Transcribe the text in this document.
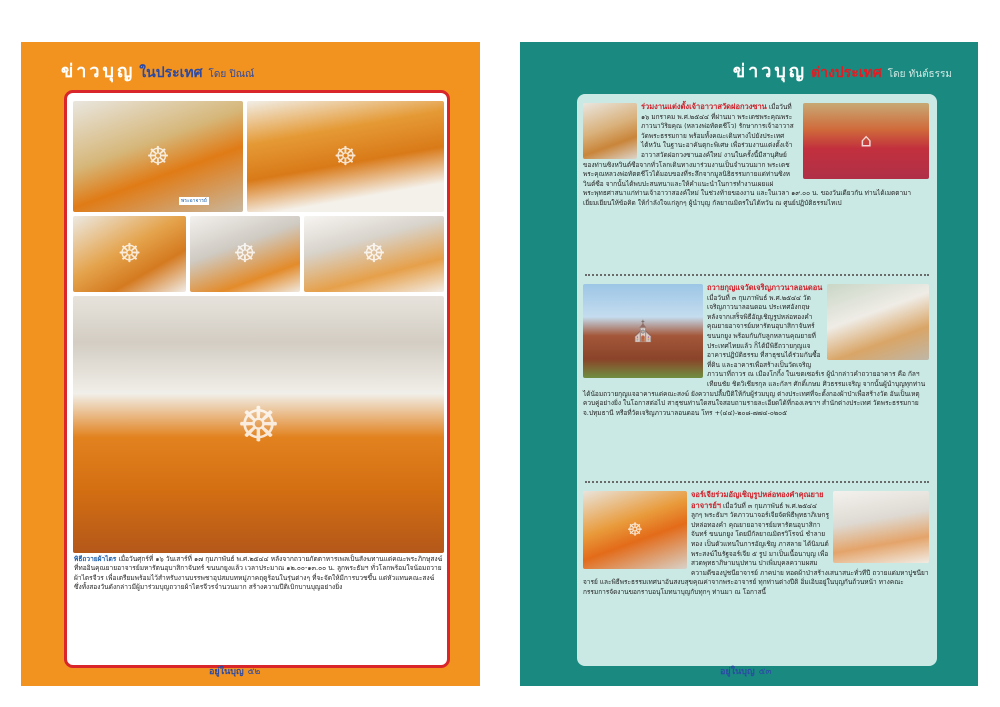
ข่าวบุญ ในประเทศ โดย ปิณณ์
☸	☸
พระอาจารย์
☸	☸	☸
☸
พิธีถวายผ้าไตร เมื่อวันศุกร์ที่ ๑๖ วันเสาร์ที่ ๑๗ กุมภาพันธ์ พ.ศ.๒๕๔๔ หลังจากถวายภัตตาหารเพลเป็นสังฆทานแด่คณะพระภิกษุสงฆ์ที่ทออินคุณยายอาจารย์มหารัตนอุบาสิกาจันทร์ ขนนกยูงแล้ว เวลาประมาณ ๑๒.๐๐-๑๓.๐๐ น. ลูกพระธัมฯ ทั่วโลกพร้อมใจน้อมถวายผ้าไตรจีวร เพื่อเตรียมพร้อมไว้สำหรับงานบรรพชาอุปสมบทหมู่ภาคฤดูร้อนในรุ่นต่างๆ ที่จะจัดให้มีการบวชขึ้น แด่หัวแทนคณะสงฆ์ ซึ่งทั้งสองวันดังกล่าวมีผู้มาร่วมบุญถวายผ้าไตรจีวรจำนวนมาก สร้างความปีติเบิกบานบุญอย่างยิ่ง
อยู่ในบุญ ๕๒
ข่าวบุญ ต่างประเทศ โดย ทันต์ธรรม
⌂
ร่วมงานแต่งตั้งเจ้าอาวาสวัดฝอกวงซาน เมื่อวันที่ ๑๖ มกราคม พ.ศ.๒๕๔๔ ที่ผ่านมา พระเดชพระคุณพระภาวนาวิริยคุณ (หลวงพ่อทัตตชีโว) รักษาการเจ้าอาวาสวัดพระธรรมกาย พร้อมทั้งคณะเดินทางไปยังประเทศไต้หวัน ในฐานะอาคันตุกะพิเศษ เพื่อร่วมงานแต่งตั้งเจ้าอาวาสวัดฝอกวงซานองค์ใหม่ งานในครั้งนี้มีสานุศิษย์ของท่านซิงหวินต์ซือจากทั่วโลกเดินทางมาร่วมงานเป็นจำนวนมาก พระเดชพระคุณหลวงพ่อทัตตชีโวได้มอบของที่ระลึกจากมูลนิธิธรรมกายแด่ท่านซิงหวินต์ซือ จากนั้นได้พบปะสนทนาและให้คำแนะนำในการทำงานเผยแผ่พระพุทธศาสนาแก่ท่านเจ้าอาวาสองค์ใหม่ ในช่วงท้ายของงาน และในเวลา ๑๙.๐๐ น. ของวันเดียวกัน ท่านได้เมตตามาเยี่ยมเยียนให้ข้อคิด ให้กำลังใจแก่ลูกๆ ผู้นำบุญ กัลยาณมิตรในไต้หวัน ณ ศูนย์ปฏิบัติธรรมไทเป
⛪
ถวายกุญแจวัดเจริญภาวนาลอนดอน เมื่อวันที่ ๓ กุมภาพันธ์ พ.ศ.๒๕๔๔ วัดเจริญภาวนาลอนดอน ประเทศอังกฤษ หลังจากเสร็จพิธีอัญเชิญรูปหล่อทองคำ คุณยายอาจารย์มหารัตนอุบาสิกาจันทร์ ขนนกยูง พร้อมกันกับลูกหลานคุณยายที่ประเทศไทยแล้ว ก็ได้มีพิธีถวายกุญแจอาคารปฏิบัติธรรม ที่สาธุชนได้ร่วมกันซื้อที่ดิน และอาคารเพื่อสร้างเป็นวัดเจริญภาวนาที่ถาวร ณ เมืองโกกิ้ง ในเขตเซอร์เร ผู้นำกล่าวคำถวายอาคาร คือ กัลฯ เทียนชัย ชิดวิเชียรกุล และกัลฯ ศักดิ์เกษม ศิวธรรมเจริญ จากนั้นผู้นำบุญทุกท่านได้น้อมถวายกุญแจอาคารแด่คณะสงฆ์ ยังความปลื้มปีติให้กับผู้ร่วมบุญ ต่างประเทศที่จะตั้งกองผ้าป่าเพื่อสร้างวัด อันเป็นเหตุควบคู่อย่างยิ่ง ในโอกาสต่อไป สาธุชนท่านใดสนใจสอบถามรายละเอียดได้ที่กองเลขาฯ สำนักต่างประเทศ วัดพระธรรมกาย จ.ปทุมธานี หรือที่วัดเจริญภาวนาลอนดอน โทร +(๔๔)-๒๐๘-๗๗๔-๐๒๐๕
☸
จอร์เจียร่วมอัญเชิญรูปหล่อทองคำคุณยายอาจารย์ฯ เมื่อวันที่ ๓ กุมภาพันธ์ พ.ศ.๒๕๔๔ ลูกๆ พระธัมฯ วัดภาวนาจอร์เจียจัดพิธีพุทธาภิเษกรูปหล่อทองคำ คุณยายอาจารย์มหารัตนอุบาสิกาจันทร์ ขนนกยูง โดยมีกัลยาณมิตรวิโรจน์ ชำลายทอง เป็นตัวแทนในการอัญเชิญ ภาสลาย ได้นิมนต์พระสงฆ์ในรัฐจอร์เจีย ๕ รูป มาเป็นเนื้อนาบุญ เพื่อสวดพุทธาภิษามนุปทาน ปาเพิ่มบุคลความผสมความดีของปูชนียาจารย์ ภาคบ่าย ทอดผ้าป่าสร้างเสนาสนะทั่วทีปี ถวายแด่มหาปูชนียาจารย์ และพิธีพระธรรมเทศนาอันสงบสุขคุณค่าจากพระอาจารย์ ทุกท่านต่างปีติ อิ่มเอิบอยู่ในบุญกันถ้วนหน้า ทางคณะกรรมการจัดงานขอกราบอนุโมทนาบุญกับทุกๆ ท่านมา ณ โอกาสนี้
อยู่ในบุญ ๕๓
